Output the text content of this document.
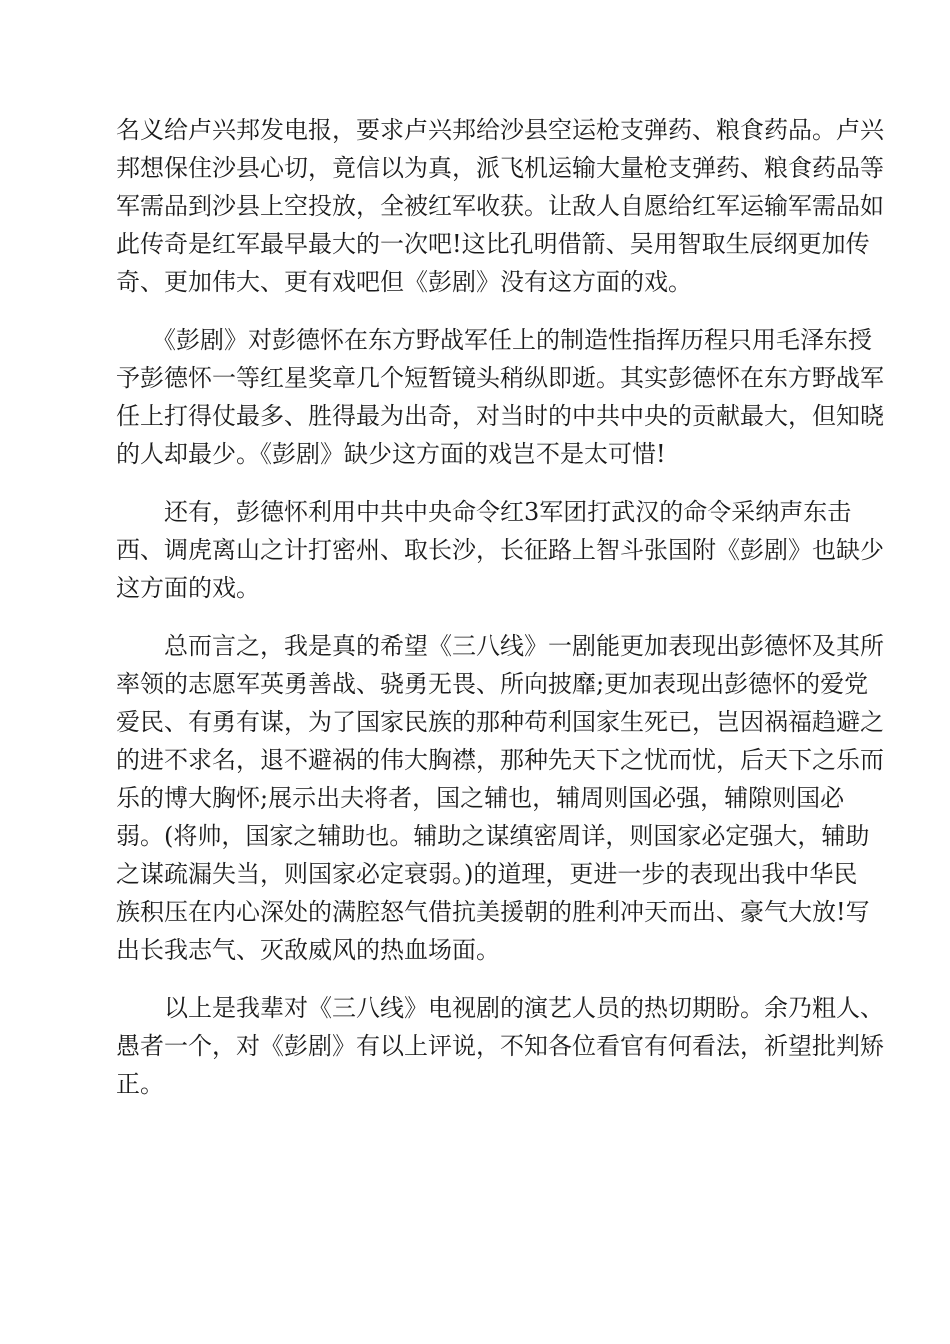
名义给卢兴邦发电报，要求卢兴邦给沙县空运枪支弹药、粮食药品。卢兴
邦想保住沙县心切，竟信以为真，派飞机运输大量枪支弹药、粮食药品等
军需品到沙县上空投放，全被红军收获。让敌人自愿给红军运输军需品如
此传奇是红军最早最大的一次吧!这比孔明借箭、吴用智取生辰纲更加传
奇、更加伟大、更有戏吧但《彭剧》没有这方面的戏。
　　《彭剧》对彭德怀在东方野战军任上的制造性指挥历程只用毛泽东授
予彭德怀一等红星奖章几个短暂镜头稍纵即逝。其实彭德怀在东方野战军
任上打得仗最多、胜得最为出奇，对当时的中共中央的贡献最大，但知晓
的人却最少。《彭剧》缺少这方面的戏岂不是太可惜!
　　还有，彭德怀利用中共中央命令红3军团打武汉的命令采纳声东击
西、调虎离山之计打密州、取长沙，长征路上智斗张国附《彭剧》也缺少
这方面的戏。
　　总而言之，我是真的希望《三八线》一剧能更加表现出彭德怀及其所
率领的志愿军英勇善战、骁勇无畏、所向披靡;更加表现出彭德怀的爱党
爱民、有勇有谋，为了国家民族的那种苟利国家生死已，岂因祸福趋避之
的进不求名，退不避祸的伟大胸襟，那种先天下之忧而忧，后天下之乐而
乐的博大胸怀;展示出夫将者，国之辅也，辅周则国必强，辅隙则国必
弱。(将帅，国家之辅助也。辅助之谋缜密周详，则国家必定强大，辅助
之谋疏漏失当，则国家必定衰弱。)的道理，更进一步的表现出我中华民
族积压在内心深处的满腔怒气借抗美援朝的胜利冲天而出、豪气大放!写
出长我志气、灭敌威风的热血场面。
　　以上是我辈对《三八线》电视剧的演艺人员的热切期盼。余乃粗人、
愚者一个，对《彭剧》有以上评说，不知各位看官有何看法，祈望批判矫
正。
